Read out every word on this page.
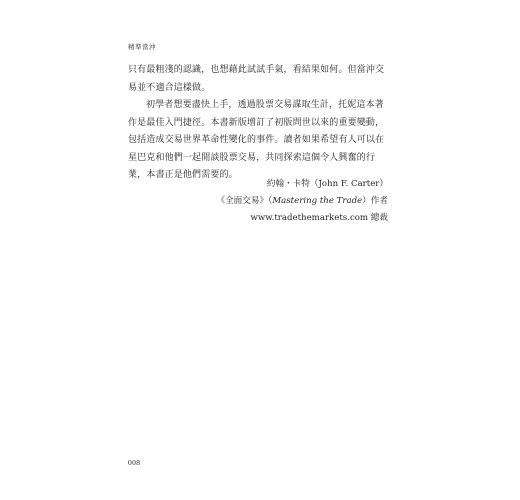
精準當沖

只有最粗淺的認識，也想藉此試試手氣，看結果如何。但當沖交易並不適合這樣做。

初學者想要盡快上手，透過股票交易謀取生計，托妮這本著作是最佳入門捷徑。本書新版增訂了初版問世以來的重要變動，包括造成交易世界革命性變化的事件。讀者如果希望有人可以在星巴克和他們一起閒談股票交易，共同探索這個令人興奮的行業，本書正是他們需要的。

約翰・卡特（John F. Carter）
《全面交易》（Mastering the Trade）作者
www.tradethemarkets.com 總裁
008
